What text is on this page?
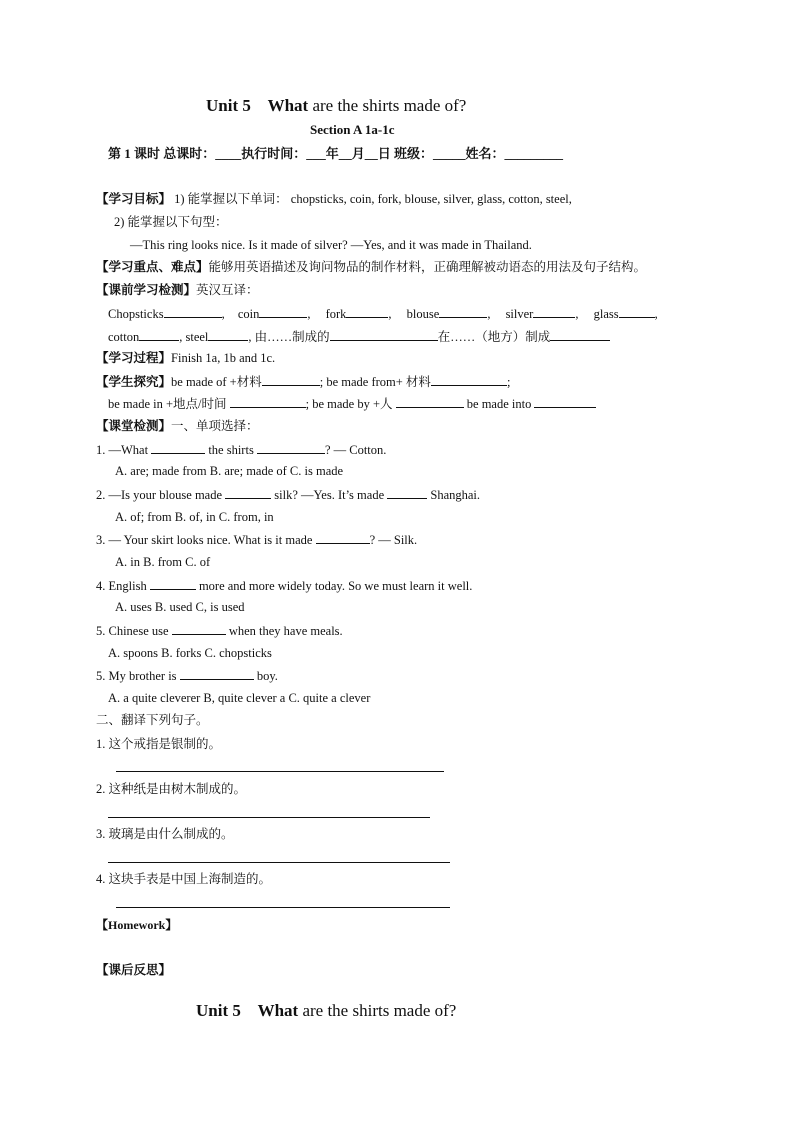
Unit 5 What are the shirts made of?
Section A 1a-1c
第 1 课时 总课时：____执行时间：___年__月__日 班级：_____姓名：_________
【学习目标】 1) 能掌握以下单词： chopsticks, coin, fork, blouse, silver, glass, cotton, steel,
2) 能掌握以下句型：
—This ring looks nice. Is it made of silver? —Yes, and it was made in Thailand.
【学习重点、难点】能够用英语描述及询问物品的制作材料，正确理解被动语态的用法及句子结构。
【课前学习检测】英汉互译：
Chopsticks	, coin	, fork	, blouse	, silver	, glass	,
cotton	, steel	, 由……制成的	在……（地方）制成
【学习过程】Finish 1a, 1b and 1c.
【学生探究】be made of +材料	; be made from+ 材料	;
be made in +地点/时间	; be made by +人	be made into
【课堂检测】一、单项选择：
1. —What	the shirts	? — Cotton.
A. are; made from B. are; made of C. is made
2. —Is your blouse made	silk? —Yes. It’s made	Shanghai.
A. of; from B. of, in C. from, in
3. — Your skirt looks nice. What is it made	? — Silk.
A. in B. from C. of
4. English	more and more widely today. So we must learn it well.
A. uses B. used C, is used
5. Chinese use	when they have meals.
A. spoons B. forks C. chopsticks
5. My brother is	boy.
A. a quite cleverer B, quite clever a C. quite a clever
二、翻译下列句子。
1. 这个戒指是银制的。
2. 这种纸是由树木制成的。
3. 玻璃是由什么制成的。
4. 这块手表是中国上海制造的。
【Homework】
【课后反思】
Unit 5 What are the shirts made of?
